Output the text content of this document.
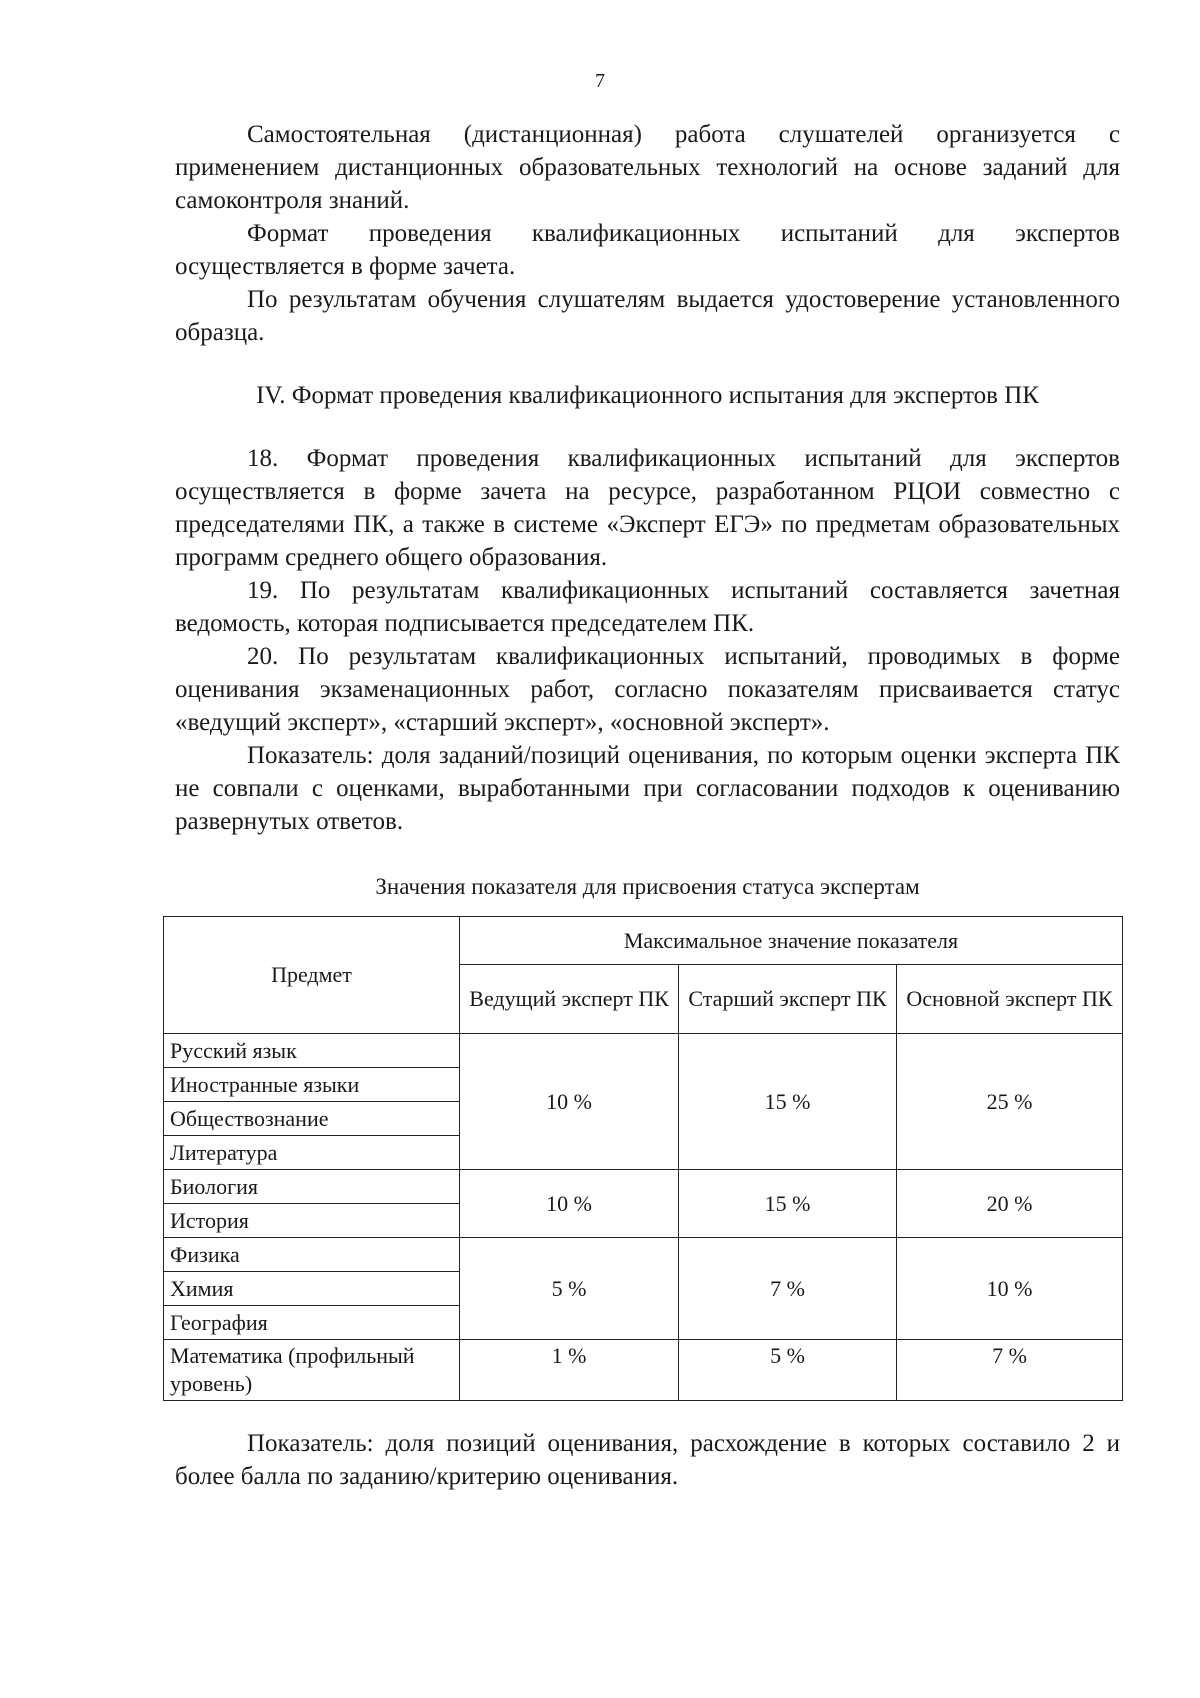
7

Самостоятельная (дистанционная) работа слушателей организуется с применением дистанционных образовательных технологий на основе заданий для самоконтроля знаний.

Формат проведения квалификационных испытаний для экспертов осуществляется в форме зачета.

По результатам обучения слушателям выдается удостоверение установленного образца.

IV. Формат проведения квалификационного испытания для экспертов ПК

18. Формат проведения квалификационных испытаний для экспертов осуществляется в форме зачета на ресурсе, разработанном РЦОИ совместно с председателями ПК, а также в системе «Эксперт ЕГЭ» по предметам образовательных программ среднего общего образования.

19. По результатам квалификационных испытаний составляется зачетная ведомость, которая подписывается председателем ПК.

20. По результатам квалификационных испытаний, проводимых в форме оценивания экзаменационных работ, согласно показателям присваивается статус «ведущий эксперт», «старший эксперт», «основной эксперт».

Показатель: доля заданий/позиций оценивания, по которым оценки эксперта ПК не совпали с оценками, выработанными при согласовании подходов к оцениванию развернутых ответов.

Значения показателя для присвоения статуса экспертам
Предмет	Максимальное значение показателя		
	Ведущий эксперт ПК	Старший эксперт ПК	Основной эксперт ПК
Русский язык	10 %	15 %	25 %
Иностранные языки			
Обществознание			
Литература			
Биология	10 %	15 %	20 %
История			
Физика	5 %	7 %	10 %
Химия			
География			
Математика (профильный уровень)	1 %	5 %	7 %

Показатель: доля позиций оценивания, расхождение в которых составило 2 и более балла по заданию/критерию оценивания.
